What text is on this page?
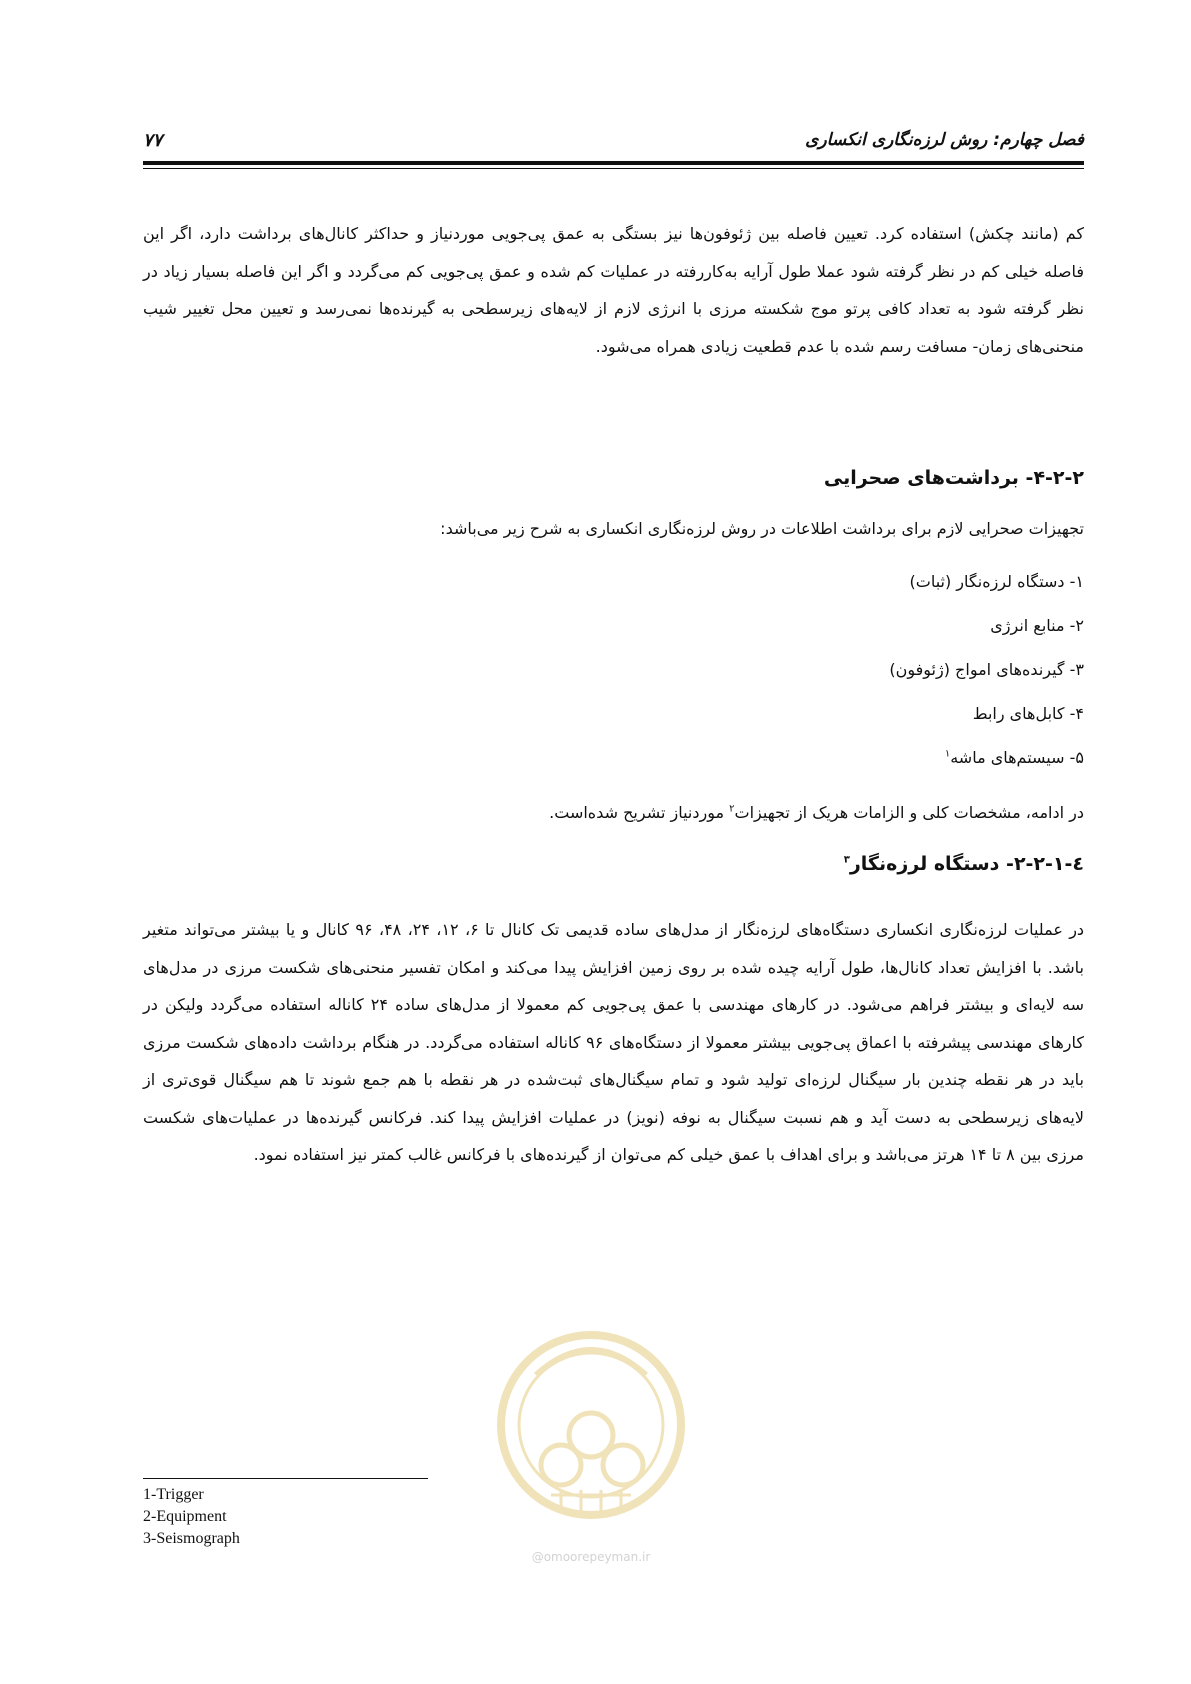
فصل چهارم: روش لرزه‌نگاری انکساری
۷۷
کم (مانند چکش) استفاده کرد. تعیین فاصله بین ژئوفون‌ها نیز بستگی به عمق پی‌جویی موردنیاز و حداکثر کانال‌های برداشت دارد، اگر این فاصله خیلی کم در نظر گرفته شود عملا طول آرایه به‌کاررفته در عملیات کم شده و عمق پی‌جویی کم می‌گردد و اگر این فاصله بسیار زیاد در نظر گرفته شود به تعداد کافی پرتو موج شکسته مرزی با انرژی لازم از لایه‌های زیرسطحی به گیرنده‌ها نمی‌رسد و تعیین محل تغییر شیب منحنی‌های زمان- مسافت رسم شده با عدم قطعیت زیادی همراه می‌شود.
۴-۲-۲- برداشت‌های صحرایی
تجهیزات صحرایی لازم برای برداشت اطلاعات در روش لرزه‌نگاری انکساری به شرح زیر می‌باشد:
۱- دستگاه لرزه‌نگار (ثبات)
۲- منابع انرژی
۳- گیرنده‌های امواج (ژئوفون)
۴- کابل‌های رابط
۵- سیستم‌های ماشه$^۱$
در ادامه، مشخصات کلی و الزامات هریک از تجهیزات$^۲$ موردنیاز تشریح شده‌است.
٤-۲-۲-۱- دستگاه لرزه‌نگار$^۳$
در عملیات لرزه‌نگاری انکساری دستگاه‌های لرزه‌نگار از مدل‌های ساده قدیمی تک کانال تا ۶، ۱۲، ۲۴، ۴۸، ۹۶ کانال و یا بیشتر می‌تواند متغیر باشد. با افزایش تعداد کانال‌ها، طول آرایه چیده شده بر روی زمین افزایش پیدا می‌کند و امکان تفسیر منحنی‌های شکست مرزی در مدل‌های سه لایه‌ای و بیشتر فراهم می‌شود. در کارهای مهندسی با عمق پی‌جویی کم معمولا از مدل‌های ساده ۲۴ کاناله استفاده می‌گردد ولیکن در کارهای مهندسی پیشرفته با اعماق پی‌جویی بیشتر معمولا از دستگاه‌های ۹۶ کاناله استفاده می‌گردد. در هنگام برداشت داده‌های شکست مرزی باید در هر نقطه چندین بار سیگنال لرزه‌ای تولید شود و تمام سیگنال‌های ثبت‌شده در هر نقطه با هم جمع شوند تا هم سیگنال قوی‌تری از لایه‌های زیرسطحی به دست آید و هم نسبت سیگنال به نوفه (نویز) در عملیات افزایش پیدا کند. فرکانس گیرنده‌ها در عملیات‌های شکست مرزی بین ۸ تا ۱۴ هرتز می‌باشد و برای اهداف با عمق خیلی کم می‌توان از گیرنده‌های با فرکانس غالب کمتر نیز استفاده نمود.
@omoorepeyman.ir
1-Trigger
2-Equipment
3-Seismograph
